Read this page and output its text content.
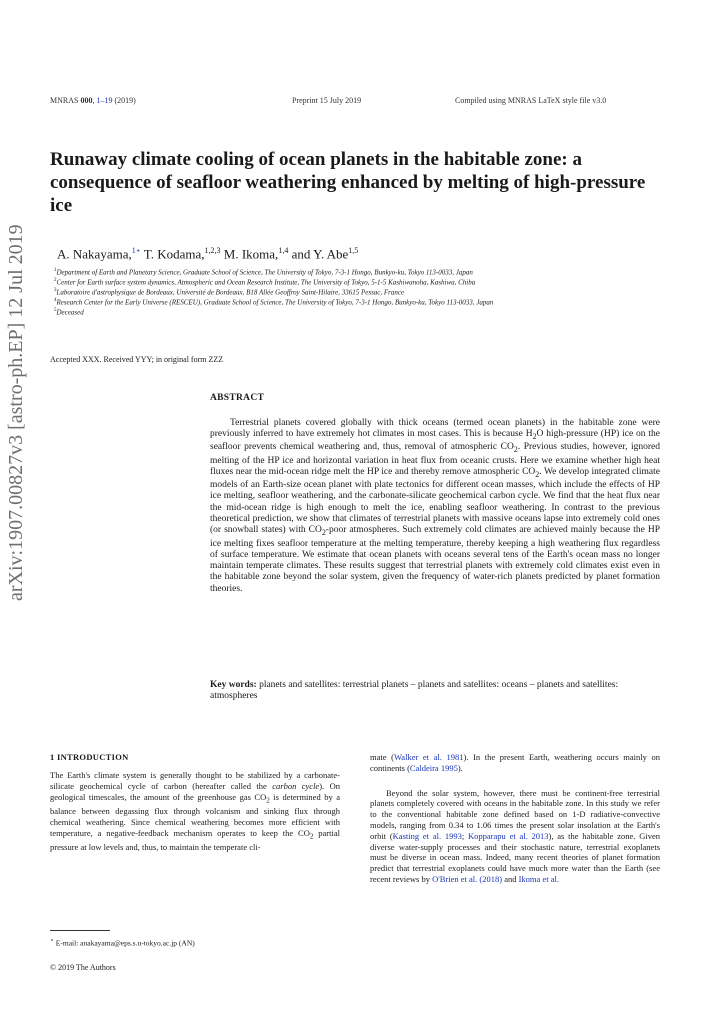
MNRAS 000, 1–19 (2019)	Preprint 15 July 2019	Compiled using MNRAS LaTeX style file v3.0
arXiv:1907.00827v3 [astro-ph.EP] 12 Jul 2019
Runaway climate cooling of ocean planets in the habitable zone: a consequence of seafloor weathering enhanced by melting of high-pressure ice
A. Nakayama,$^{1⋆}$ T. Kodama,$^{1,2,3}$ M. Ikoma,$^{1,4}$ and Y. Abe$^{1,5}$
$^1$Department of Earth and Planetary Science, Graduate School of Science, The University of Tokyo, 7-3-1 Hongo, Bunkyo-ku, Tokyo 113-0033, Japan
$^2$Center for Earth surface system dynamics, Atmospheric and Ocean Research Institute, The University of Tokyo, 5-1-5 Kashiwanoha, Kashiwa, Chiba
$^3$Laboratoire d'astrophysique de Bordeaux, Université de Bordeaux, B18 Allée Geoffroy Saint-Hilaire, 33615 Pessac, France
$^4$Research Center for the Early Universe (RESCEU), Graduate School of Science, The University of Tokyo, 7-3-1 Hongo, Bunkyo-ku, Tokyo 113-0033, Japan
$^5$Deceased
Accepted XXX. Received YYY; in original form ZZZ
ABSTRACT
Terrestrial planets covered globally with thick oceans (termed ocean planets) in the habitable zone were previously inferred to have extremely hot climates in most cases. This is because $H_2O$ high-pressure (HP) ice on the seafloor prevents chemical weathering and, thus, removal of atmospheric $CO_2$. Previous studies, however, ignored melting of the HP ice and horizontal variation in heat flux from oceanic crusts. Here we examine whether high heat fluxes near the mid-ocean ridge melt the HP ice and thereby remove atmospheric $CO_2$. We develop integrated climate models of an Earth-size ocean planet with plate tectonics for different ocean masses, which include the effects of HP ice melting, seafloor weathering, and the carbonate-silicate geochemical carbon cycle. We find that the heat flux near the mid-ocean ridge is high enough to melt the ice, enabling seafloor weathering. In contrast to the previous theoretical prediction, we show that climates of terrestrial planets with massive oceans lapse into extremely cold ones (or snowball states) with $CO_2$-poor atmospheres. Such extremely cold climates are achieved mainly because the HP ice melting fixes seafloor temperature at the melting temperature, thereby keeping a high weathering flux regardless of surface temperature. We estimate that ocean planets with oceans several tens of the Earth's ocean mass no longer maintain temperate climates. These results suggest that terrestrial planets with extremely cold climates exist even in the habitable zone beyond the solar system, given the frequency of water-rich planets predicted by planet formation theories.
Key words: planets and satellites: terrestrial planets – planets and satellites: oceans – planets and satellites: atmospheres
1 INTRODUCTION
The Earth's climate system is generally thought to be stabilized by a carbonate-silicate geochemical cycle of carbon (hereafter called the carbon cycle). On geological timescales, the amount of the greenhouse gas $CO_2$ is determined by a balance between degassing flux through volcanism and sinking flux through chemical weathering. Since chemical weathering becomes more efficient with temperature, a negative-feedback mechanism operates to keep the $CO_2$ partial pressure at low levels and, thus, to maintain the temperate cli-

mate (Walker et al. 1981). In the present Earth, weathering occurs mainly on continents (Caldeira 1995).

Beyond the solar system, however, there must be continent-free terrestrial planets completely covered with oceans in the habitable zone. In this study we refer to the conventional habitable zone defined based on 1-D radiative-convective models, ranging from 0.34 to 1.06 times the present solar insolation at the Earth's orbit (Kasting et al. 1993; Kopparapu et al. 2013), as the habitable zone. Given diverse water-supply processes and their stochastic nature, terrestrial exoplanets must be diverse in ocean mass. Indeed, many recent theories of planet formation predict that terrestrial exoplanets could have much more water than the Earth (see recent reviews by O'Brien et al. (2018) and Ikoma et al.

⋆ E-mail: anakayama@eps.s.u-tokyo.ac.jp (AN)
© 2019 The Authors
